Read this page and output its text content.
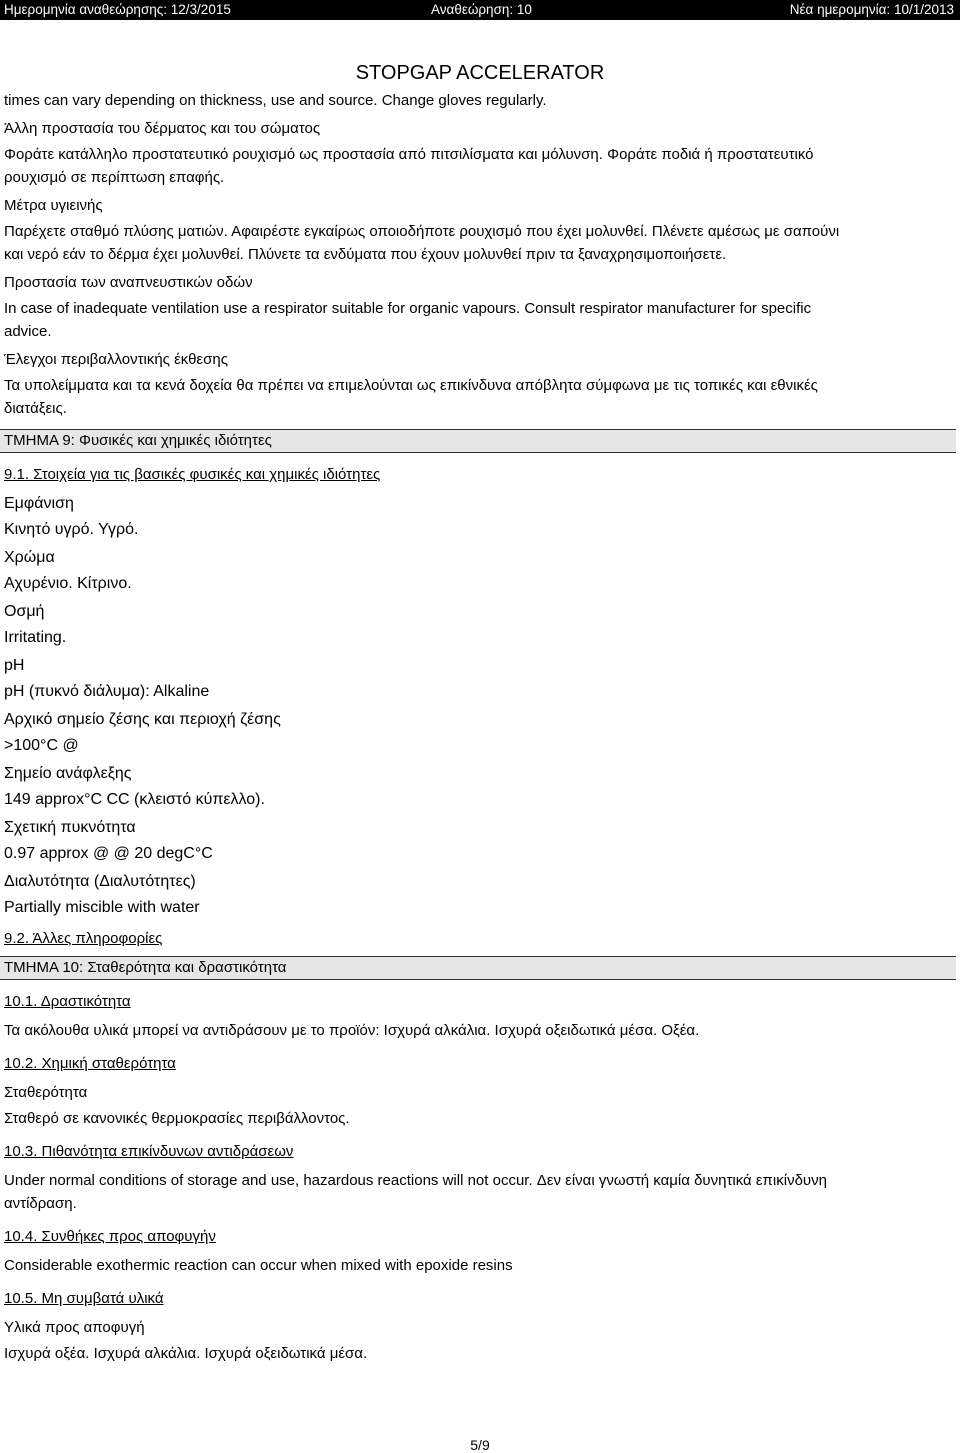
Ημερομηνία αναθεώρησης: 12/3/2015	Αναθεώρηση: 10	Νέα ημερομηνία: 10/1/2013
STOPGAP ACCELERATOR
times can vary depending on thickness, use and source. Change gloves regularly.
Άλλη προστασία του δέρματος και του σώματος
Φοράτε κατάλληλο προστατευτικό ρουχισμό ως προστασία από πιτσιλίσματα και μόλυνση. Φοράτε ποδιά ή προστατευτικό
ρουχισμό σε περίπτωση επαφής.
Μέτρα υγιεινής
Παρέχετε σταθμό πλύσης ματιών. Αφαιρέστε εγκαίρως οποιοδήποτε ρουχισμό που έχει μολυνθεί. Πλένετε αμέσως με σαπούνι
και νερό εάν το δέρμα έχει μολυνθεί. Πλύνετε τα ενδύματα που έχουν μολυνθεί πριν τα ξαναχρησιμοποιήσετε.
Προστασία των αναπνευστικών οδών
In case of inadequate ventilation use a respirator suitable for organic vapours. Consult respirator manufacturer for specific
advice.
Έλεγχοι περιβαλλοντικής έκθεσης
Τα υπολείμματα και τα κενά δοχεία θα πρέπει να επιμελούνται ως επικίνδυνα απόβλητα σύμφωνα με τις τοπικές και εθνικές
διατάξεις.
ΤΜΗΜΑ 9: Φυσικές και χημικές ιδιότητες
9.1. Στοιχεία για τις βασικές φυσικές και χημικές ιδιότητες
Εμφάνιση
Κινητό υγρό. Υγρό.
Χρώμα
Αχυρένιο. Κίτρινο.
Οσμή
Irritating.
pH
pH (πυκνό διάλυμα): Alkaline
Αρχικό σημείο ζέσης και περιοχή ζέσης
>100°C @
Σημείο ανάφλεξης
149 approx°C CC (κλειστό κύπελλο).
Σχετική πυκνότητα
0.97 approx @ @ 20 degC°C
Διαλυτότητα (Διαλυτότητες)
Partially miscible with water
9.2. Άλλες πληροφορίες
ΤΜΗΜΑ 10: Σταθερότητα και δραστικότητα
10.1. Δραστικότητα
Τα ακόλουθα υλικά μπορεί να αντιδράσουν με το προϊόν: Ισχυρά αλκάλια. Ισχυρά οξειδωτικά μέσα. Οξέα.
10.2. Χημική σταθερότητα
Σταθερότητα
Σταθερό σε κανονικές θερμοκρασίες περιβάλλοντος.
10.3. Πιθανότητα επικίνδυνων αντιδράσεων
Under normal conditions of storage and use, hazardous reactions will not occur. Δεν είναι γνωστή καμία δυνητικά επικίνδυνη
αντίδραση.
10.4. Συνθήκες προς αποφυγήν
Considerable exothermic reaction can occur when mixed with epoxide resins
10.5. Μη συμβατά υλικά
Υλικά προς αποφυγή
Ισχυρά οξέα. Ισχυρά αλκάλια. Ισχυρά οξειδωτικά μέσα.
5/9
